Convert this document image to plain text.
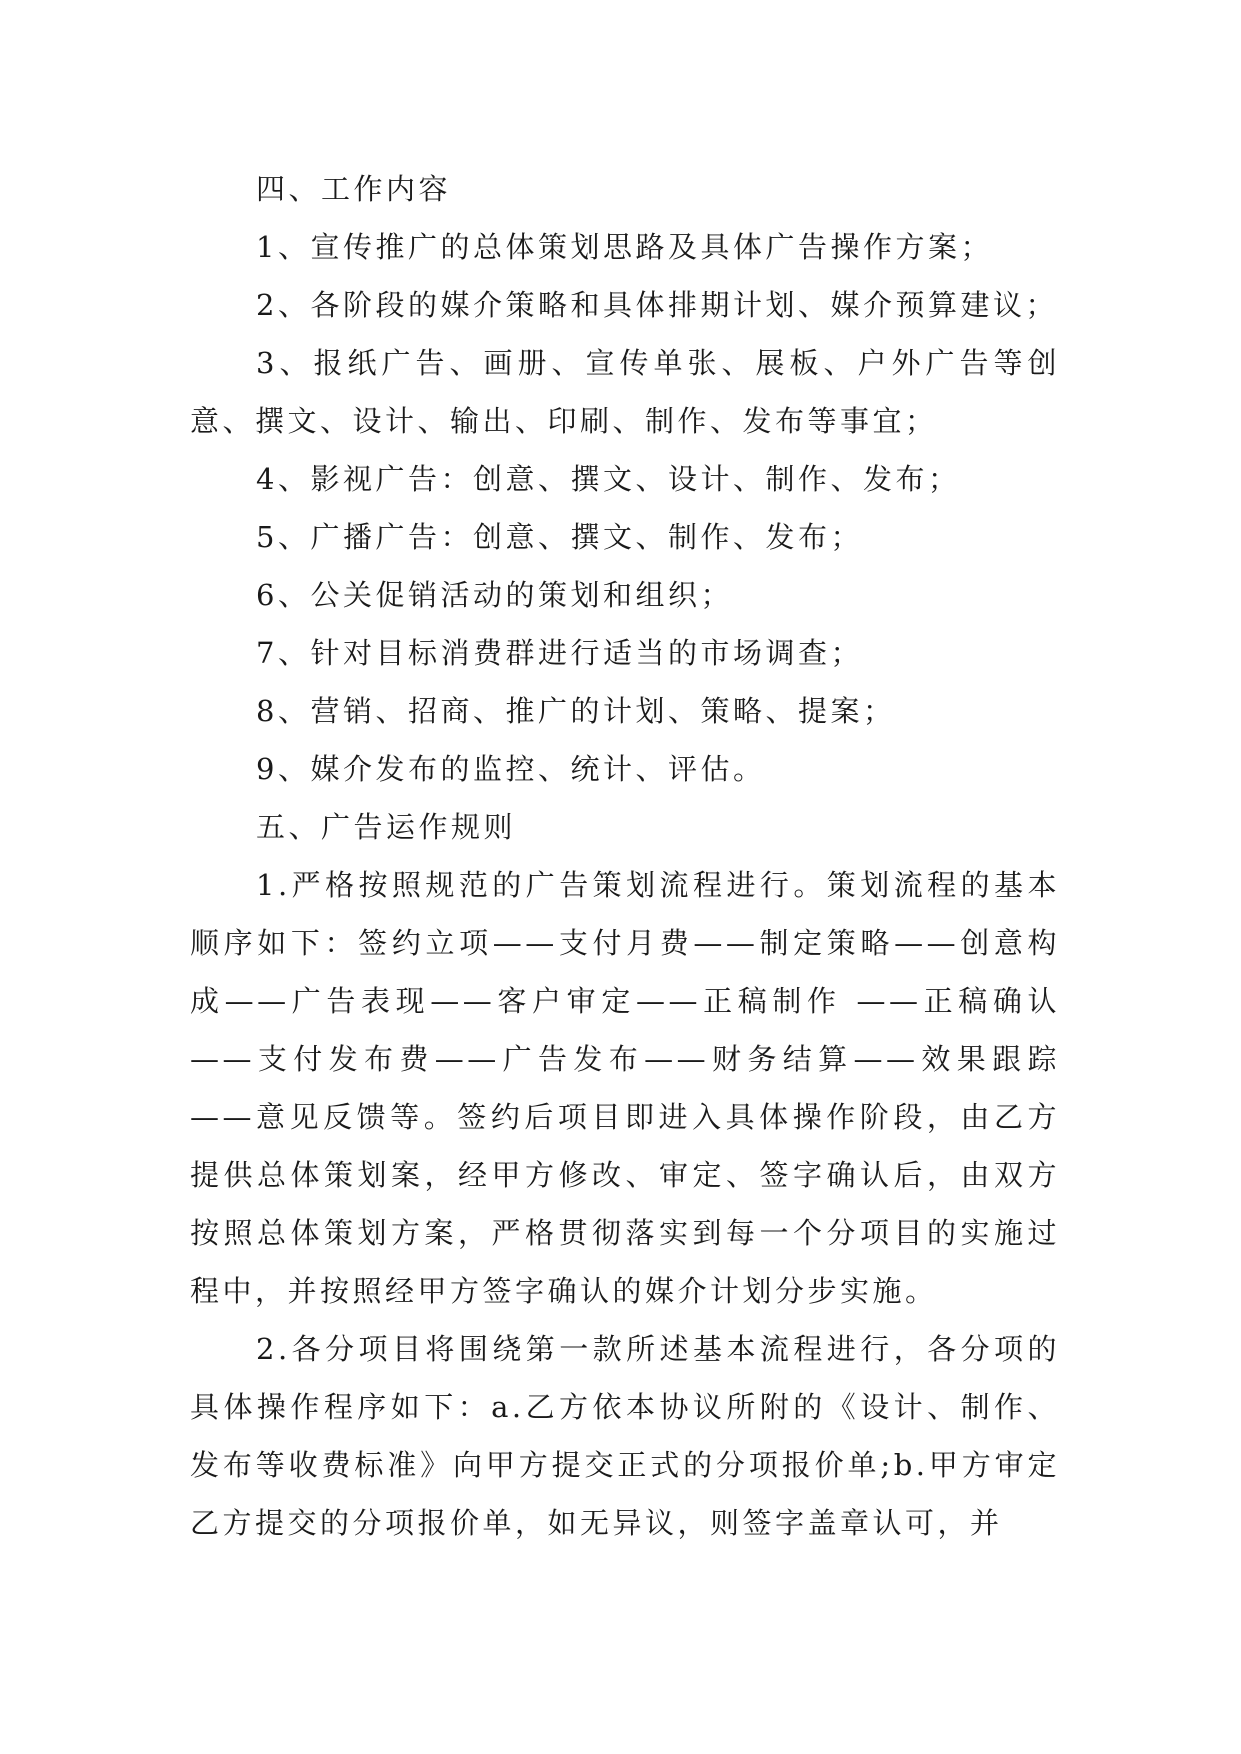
四、工作内容

1、宣传推广的总体策划思路及具体广告操作方案；

2、各阶段的媒介策略和具体排期计划、媒介预算建议；

3、报纸广告、画册、宣传单张、展板、户外广告等创意、撰文、设计、输出、印刷、制作、发布等事宜；

4、影视广告：创意、撰文、设计、制作、发布；

5、广播广告：创意、撰文、制作、发布；

6、公关促销活动的策划和组织；

7、针对目标消费群进行适当的市场调查；

8、营销、招商、推广的计划、策略、提案；

9、媒介发布的监控、统计、评估。

五、广告运作规则

1.严格按照规范的广告策划流程进行。策划流程的基本顺序如下：签约立项——支付月费——制定策略——创意构成——广告表现——客户审定——正稿制作 ——正稿确认——支付发布费——广告发布——财务结算——效果跟踪——意见反馈等。签约后项目即进入具体操作阶段，由乙方提供总体策划案，经甲方修改、审定、签字确认后，由双方按照总体策划方案，严格贯彻落实到每一个分项目的实施过程中，并按照经甲方签字确认的媒介计划分步实施。

2.各分项目将围绕第一款所述基本流程进行，各分项的具体操作程序如下：a.乙方依本协议所附的《设计、制作、发布等收费标准》向甲方提交正式的分项报价单;b.甲方审定乙方提交的分项报价单，如无异议，则签字盖章认可，并
